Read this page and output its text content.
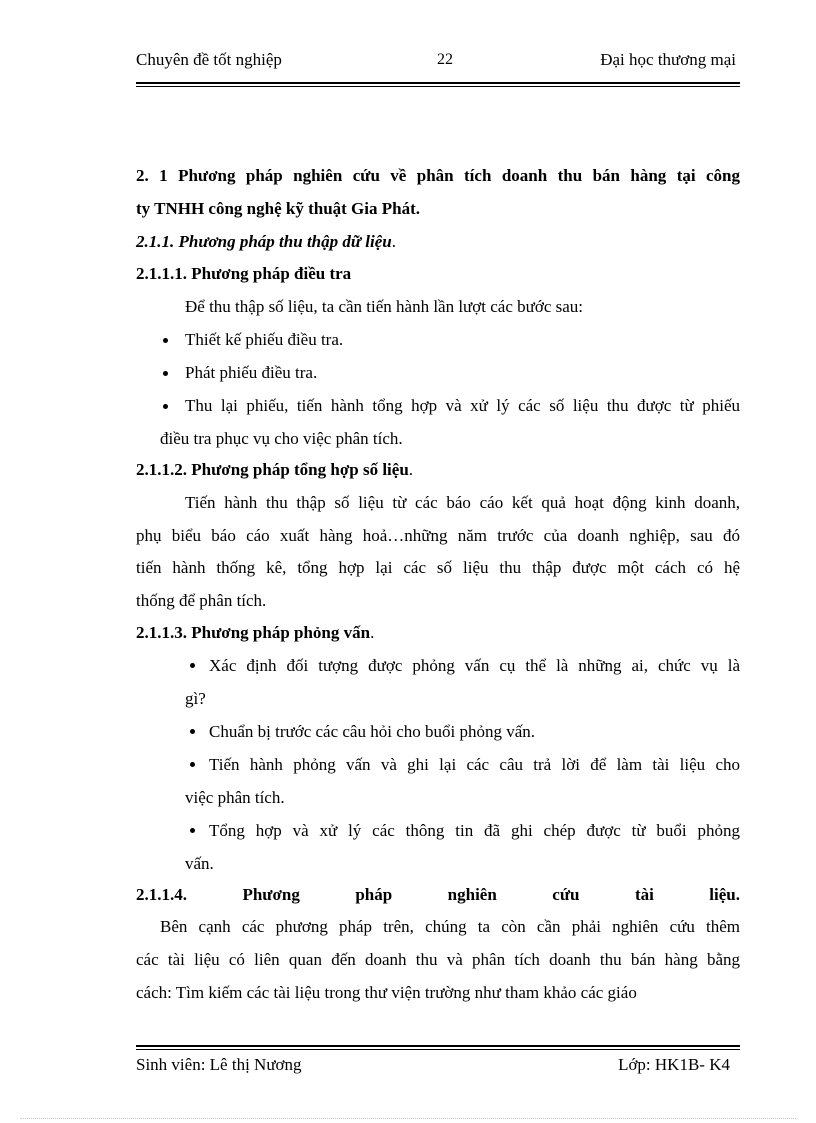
Chuyên đề tốt nghiệp	22	Đại học thương mại
2. 1 Phương pháp nghiên cứu về phân tích doanh thu bán hàng tại công
ty TNHH công nghệ kỹ thuật Gia Phát.
2.1.1. Phương pháp thu thập dữ liệu.
2.1.1.1. Phương pháp điều tra
Để thu thập số liệu, ta cần tiến hành lần lượt các bước sau:
Thiết kế phiếu điều tra.
Phát phiếu điều tra.
Thu lại phiếu, tiến hành tổng hợp và xử lý các số liệu thu được từ phiếu
điều tra phục vụ cho việc phân tích.
2.1.1.2. Phương pháp tổng hợp số liệu.
Tiến hành thu thập số liệu từ các báo cáo kết quả hoạt động kinh doanh,
phụ biểu báo cáo xuất hàng hoả…những năm trước của doanh nghiệp, sau đó
tiến hành thống kê, tổng hợp lại các số liệu thu thập được một cách có hệ
thống để phân tích.
2.1.1.3. Phương pháp phỏng vấn.
Xác định đối tượng được phỏng vấn cụ thể là những ai, chức vụ là
gì?
Chuẩn bị trước các câu hỏi cho buổi phỏng vấn.
Tiến hành phỏng vấn và ghi lại các câu trả lời để làm tài liệu cho
việc phân tích.
Tổng hợp và xử lý các thông tin đã ghi chép được từ buổi phỏng
vấn.
2.1.1.4. Phương pháp nghiên cứu tài liệu.
Bên cạnh các phương pháp trên, chúng ta còn cần phải nghiên cứu thêm
các tài liệu có liên quan đến doanh thu và phân tích doanh thu bán hàng bằng
cách: Tìm kiếm các tài liệu trong thư viện trường như tham khảo các giáo
Sinh viên: Lê thị Nương	Lớp: HK1B- K4
